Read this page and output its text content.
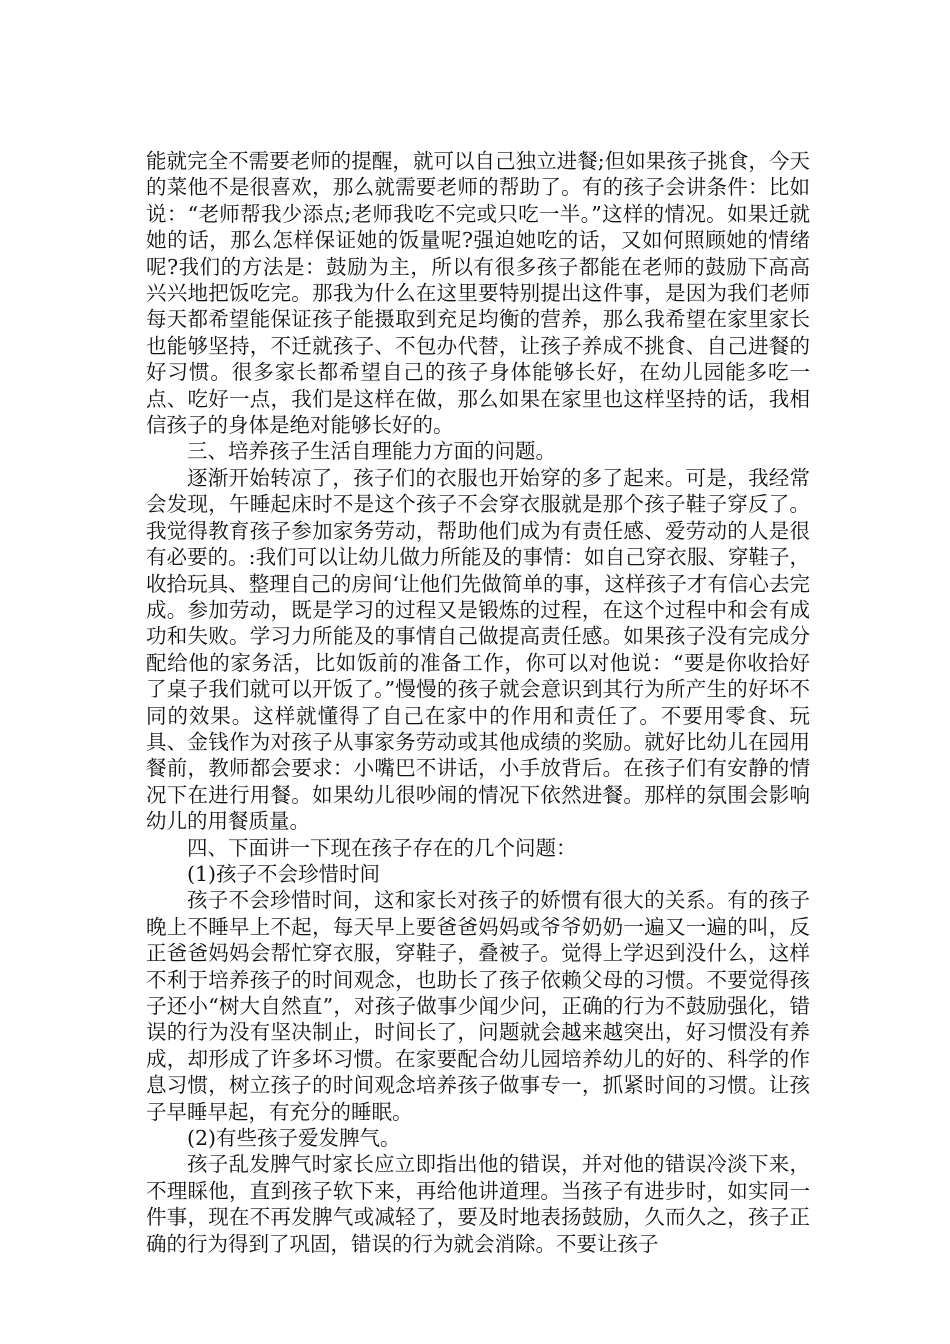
能就完全不需要老师的提醒，就可以自己独立进餐;但如果孩子挑食，今天的菜他不是很喜欢，那么就需要老师的帮助了。有的孩子会讲条件：比如说：“老师帮我少添点;老师我吃不完或只吃一半。”这样的情况。如果迁就她的话，那么怎样保证她的饭量呢?强迫她吃的话，又如何照顾她的情绪呢?我们的方法是：鼓励为主，所以有很多孩子都能在老师的鼓励下高高兴兴地把饭吃完。那我为什么在这里要特别提出这件事，是因为我们老师每天都希望能保证孩子能摄取到充足均衡的营养，那么我希望在家里家长也能够坚持，不迁就孩子、不包办代替，让孩子养成不挑食、自己进餐的好习惯。很多家长都希望自己的孩子身体能够长好，在幼儿园能多吃一点、吃好一点，我们是这样在做，那么如果在家里也这样坚持的话，我相信孩子的身体是绝对能够长好的。

三、培养孩子生活自理能力方面的问题。

逐渐开始转凉了，孩子们的衣服也开始穿的多了起来。可是，我经常会发现，午睡起床时不是这个孩子不会穿衣服就是那个孩子鞋子穿反了。我觉得教育孩子参加家务劳动，帮助他们成为有责任感、爱劳动的人是很有必要的。:我们可以让幼儿做力所能及的事情：如自己穿衣服、穿鞋子，收拾玩具、整理自己的房间‘让他们先做简单的事，这样孩子才有信心去完成。参加劳动，既是学习的过程又是锻炼的过程，在这个过程中和会有成功和失败。学习力所能及的事情自己做提高责任感。如果孩子没有完成分配给他的家务活，比如饭前的准备工作，你可以对他说：“要是你收拾好了桌子我们就可以开饭了。”慢慢的孩子就会意识到其行为所产生的好坏不同的效果。这样就懂得了自己在家中的作用和责任了。不要用零食、玩具、金钱作为对孩子从事家务劳动或其他成绩的奖励。就好比幼儿在园用餐前，教师都会要求：小嘴巴不讲话，小手放背后。在孩子们有安静的情况下在进行用餐。如果幼儿很吵闹的情况下依然进餐。那样的氛围会影响幼儿的用餐质量。

四、下面讲一下现在孩子存在的几个问题：

(1)孩子不会珍惜时间

孩子不会珍惜时间，这和家长对孩子的娇惯有很大的关系。有的孩子晚上不睡早上不起，每天早上要爸爸妈妈或爷爷奶奶一遍又一遍的叫，反正爸爸妈妈会帮忙穿衣服，穿鞋子，叠被子。觉得上学迟到没什么，这样不利于培养孩子的时间观念，也助长了孩子依赖父母的习惯。不要觉得孩子还小“树大自然直”，对孩子做事少闻少问，正确的行为不鼓励强化，错误的行为没有坚决制止，时间长了，问题就会越来越突出，好习惯没有养成，却形成了许多坏习惯。在家要配合幼儿园培养幼儿的好的、科学的作息习惯，树立孩子的时间观念培养孩子做事专一，抓紧时间的习惯。让孩子早睡早起，有充分的睡眠。

(2)有些孩子爱发脾气。

孩子乱发脾气时家长应立即指出他的错误，并对他的错误冷淡下来，不理睬他，直到孩子软下来，再给他讲道理。当孩子有进步时，如实同一件事，现在不再发脾气或减轻了，要及时地表扬鼓励，久而久之，孩子正确的行为得到了巩固，错误的行为就会消除。不要让孩子
